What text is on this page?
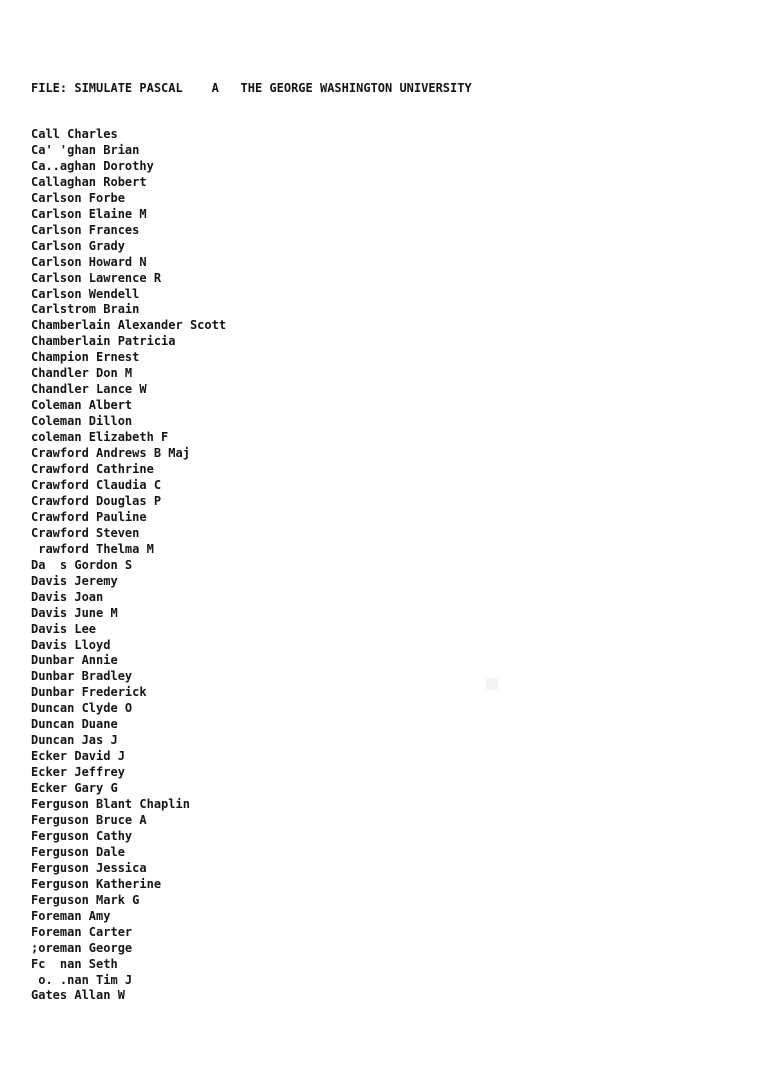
FILE: SIMULATE PASCAL    A   THE GEORGE WASHINGTON UNIVERSITY
Call Charles
Ca' 'ghan Brian
Ca..aghan Dorothy
Callaghan Robert
Carlson Forbe
Carlson Elaine M
Carlson Frances
Carlson Grady
Carlson Howard N
Carlson Lawrence R
Carlson Wendell
Carlstrom Brain
Chamberlain Alexander Scott
Chamberlain Patricia
Champion Ernest
Chandler Don M
Chandler Lance W
Coleman Albert
Coleman Dillon
coleman Elizabeth F
Crawford Andrews B Maj
Crawford Cathrine
Crawford Claudia C
Crawford Douglas P
Crawford Pauline
Crawford Steven
rawford Thelma M
Da  s Gordon S
Davis Jeremy
Davis Joan
Davis June M
Davis Lee
Davis Lloyd
Dunbar Annie
Dunbar Bradley
Dunbar Frederick
Duncan Clyde O
Duncan Duane
Duncan Jas J
Ecker David J
Ecker Jeffrey
Ecker Gary G
Ferguson Blant Chaplin
Ferguson Bruce A
Ferguson Cathy
Ferguson Dale
Ferguson Jessica
Ferguson Katherine
Ferguson Mark G
Foreman Amy
Foreman Carter
;oreman George
Fc  nan Seth
o. .nan Tim J
Gates Allan W
